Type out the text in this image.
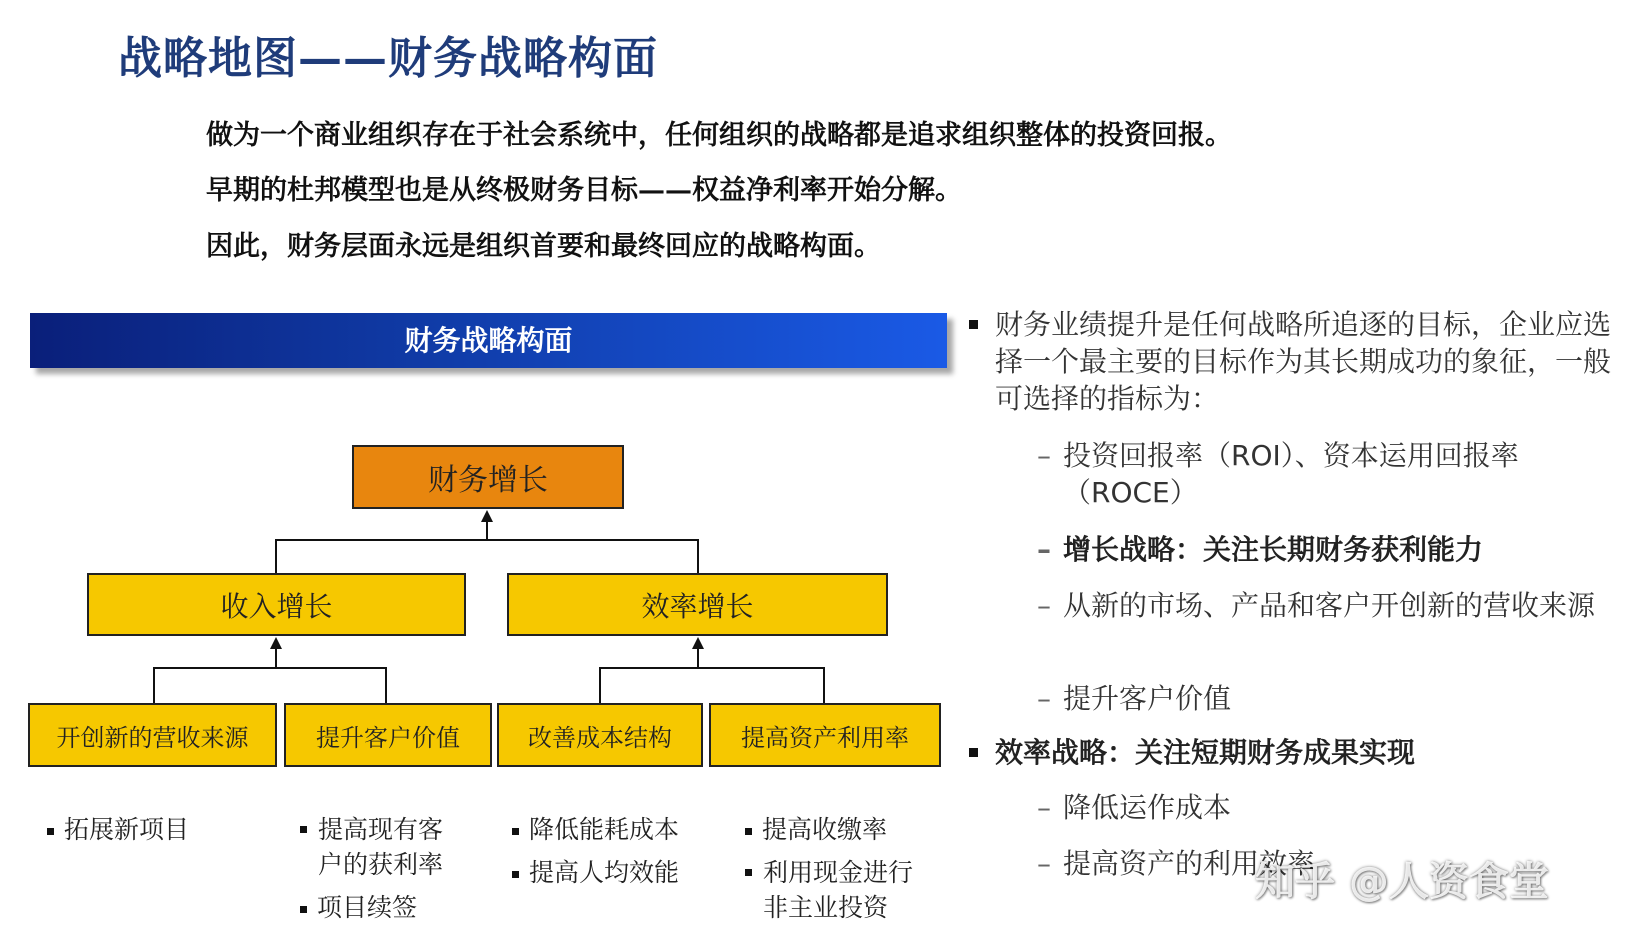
战略地图——财务战略构面
做为一个商业组织存在于社会系统中，任何组织的战略都是追求组织整体的投资回报。
早期的杜邦模型也是从终极财务目标——权益净利率开始分解。
因此，财务层面永远是组织首要和最终回应的战略构面。
财务战略构面
财务增长
收入增长	效率增长
开创新的营收来源	提升客户价值	改善成本结构	提高资产利用率
拓展新项目	提高现有客户的获利率
项目续签
降低能耗成本
提高人均效能
提高收缴率
利用现金进行非主业投资
财务业绩提升是任何战略所追逐的目标，企业应选择一个最主要的目标作为其长期成功的象征，一般可选择的指标为：
– 投资回报率（ROI）、资本运用回报率（ROCE）
– 增长战略：关注长期财务获利能力
– 从新的市场、产品和客户开创新的营收来源
– 提升客户价值
效率战略：关注短期财务成果实现
– 降低运作成本
– 提高资产的利用效率
知乎 @人资食堂
